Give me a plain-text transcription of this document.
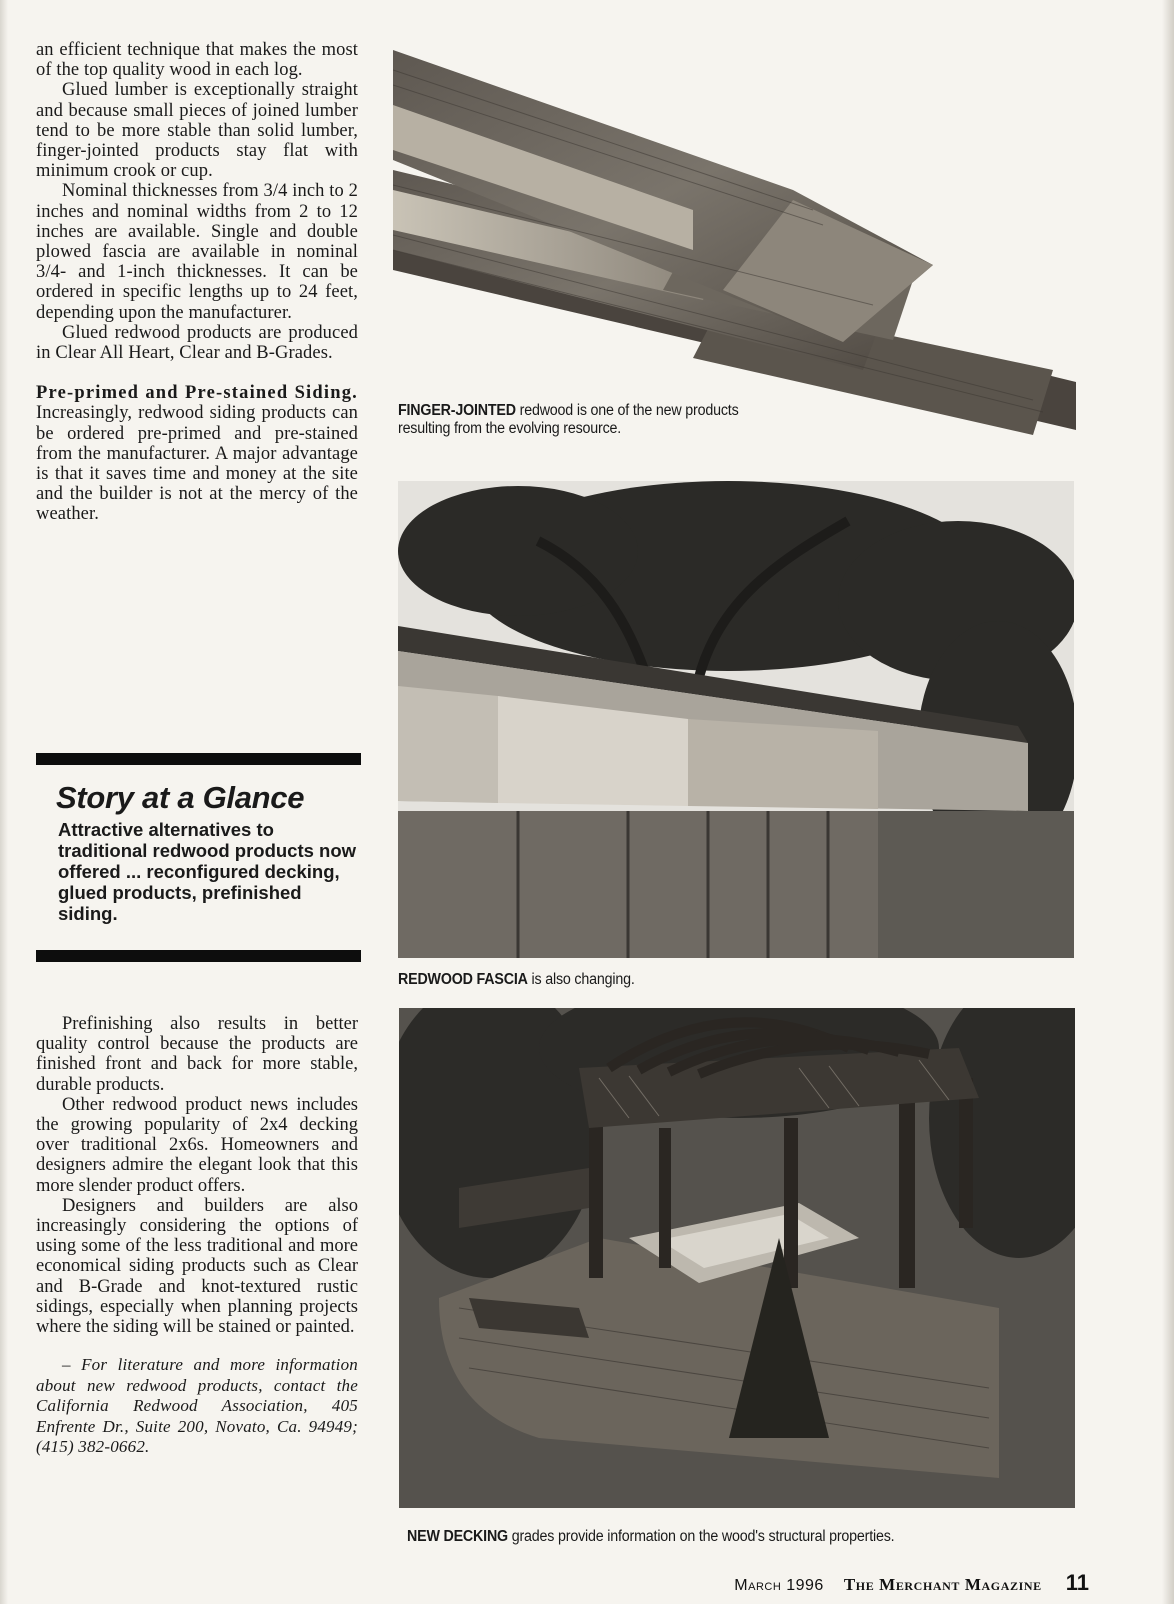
an efficient technique that makes the most of the top quality wood in each log.

Glued lumber is exceptionally straight and because small pieces of joined lumber tend to be more stable than solid lumber, finger-jointed products stay flat with minimum crook or cup.

Nominal thicknesses from 3/4 inch to 2 inches and nominal widths from 2 to 12 inches are available. Single and double plowed fascia are available in nominal 3/4- and 1-inch thicknesses. It can be ordered in specific lengths up to 24 feet, depending upon the manufacturer.

Glued redwood products are produced in Clear All Heart, Clear and B-Grades.

Pre-primed and Pre-stained Siding. Increasingly, redwood siding products can be ordered pre-primed and pre-stained from the manufacturer. A major advantage is that it saves time and money at the site and the builder is not at the mercy of the weather.

Story at a Glance
Attractive alternatives to traditional redwood products now offered ... reconfigured decking, glued products, prefinished siding.

Prefinishing also results in better quality control because the products are finished front and back for more stable, durable products.

Other redwood product news includes the growing popularity of 2x4 decking over traditional 2x6s. Homeowners and designers admire the elegant look that this more slender product offers.

Designers and builders are also increasingly considering the options of using some of the less traditional and more economical siding products such as Clear and B-Grade and knot-textured rustic sidings, especially when planning projects where the siding will be stained or painted.

– For literature and more information about new redwood products, contact the California Redwood Association, 405 Enfrente Dr., Suite 200, Novato, Ca. 94949; (415) 382-0662.

FINGER-JOINTED redwood is one of the new products resulting from the evolving resource.
REDWOOD FASCIA is also changing.
NEW DECKING grades provide information on the wood's structural properties.
March 1996 The Merchant Magazine 11
